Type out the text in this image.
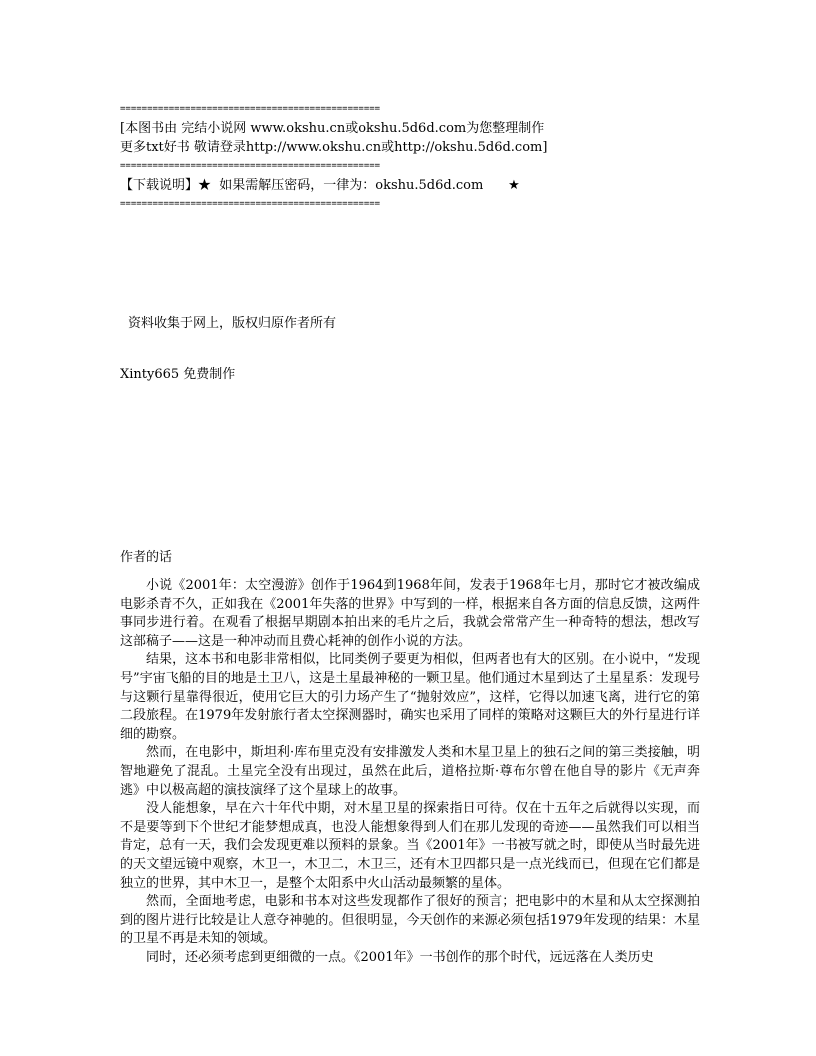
================================================
[本图书由 完结小说网 www.okshu.cn或okshu.5d6d.com为您整理制作
更多txt好书 敬请登录http://www.okshu.cn或http://okshu.5d6d.com]
================================================
【下载说明】★  如果需解压密码，一律为：okshu.5d6d.com      ★
================================================
资料收集于网上，版权归原作者所有
Xinty665 免费制作
作者的话

小说《2001年：太空漫游》创作于1964到1968年间，发表于1968年七月，那时它才被改编成电影杀青不久，正如我在《2001年失落的世界》中写到的一样，根据来自各方面的信息反馈，这两件事同步进行着。在观看了根据早期剧本拍出来的毛片之后，我就会常常产生一种奇特的想法，想改写这部稿子——这是一种冲动而且费心耗神的创作小说的方法。

结果，这本书和电影非常相似，比同类例子要更为相似，但两者也有大的区别。在小说中，“发现号”宇宙飞船的目的地是土卫八，这是土星最神秘的一颗卫星。他们通过木星到达了土星星系：发现号与这颗行星靠得很近，使用它巨大的引力场产生了“抛射效应”，这样，它得以加速飞离，进行它的第二段旅程。在1979年发射旅行者太空探测器时，确实也采用了同样的策略对这颗巨大的外行星进行详细的勘察。

然而，在电影中，斯坦利·库布里克没有安排激发人类和木星卫星上的独石之间的第三类接触，明智地避免了混乱。土星完全没有出现过，虽然在此后，道格拉斯·尊布尔曾在他自导的影片《无声奔逃》中以极高超的演技演绎了这个星球上的故事。

没人能想象，早在六十年代中期，对木星卫星的探索指日可待。仅在十五年之后就得以实现，而不是要等到下个世纪才能梦想成真，也没人能想象得到人们在那儿发现的奇迹——虽然我们可以相当肯定，总有一天，我们会发现更难以预料的景象。当《2001年》一书被写就之时，即使从当时最先进的天文望远镜中观察，木卫一，木卫二，木卫三，还有木卫四都只是一点光线而已，但现在它们都是独立的世界，其中木卫一，是整个太阳系中火山活动最频繁的星体。

然而，全面地考虑，电影和书本对这些发现都作了很好的预言；把电影中的木星和从太空探测拍到的图片进行比较是让人意夺神驰的。但很明显，今天创作的来源必须包括1979年发现的结果：木星的卫星不再是未知的领域。

同时，还必须考虑到更细微的一点。《2001年》一书创作的那个时代，远远落在人类历史
